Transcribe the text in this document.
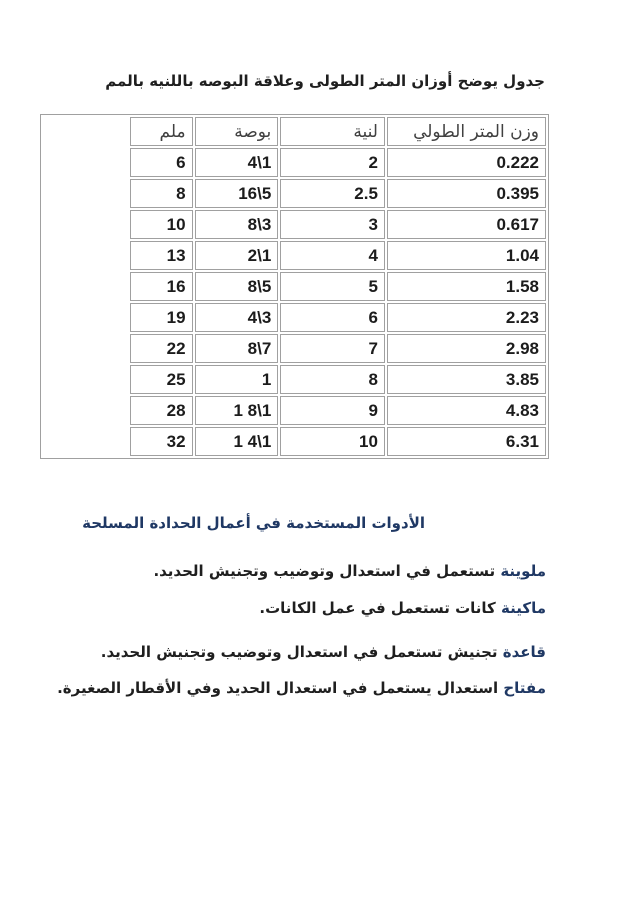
جدول يوضح أوزان المتر الطولى وعلاقة البوصه باللنيه بالمم
وزن المتر الطولي	لنية	بوصة	ملم	
0.222	2	4\1	6	
0.395	2.5	16\5	8	
0.617	3	8\3	10	
1.04	4	2\1	13	
1.58	5	8\5	16	
2.23	6	4\3	19	
2.98	7	8\7	22	
3.85	8	1	25	
4.83	9	1 8\1	28	
6.31	10	1 4\1	32	
الأدوات المستخدمة في أعمال الحدادة المسلحة
ملوينة تستعمل في استعدال وتوضيب وتجنيش الحديد.
ماكينة كانات تستعمل في عمل الكانات.
قاعدة تجنيش تستعمل في استعدال وتوضيب وتجنيش الحديد.
مفتاح استعدال يستعمل في استعدال الحديد وفي الأقطار الصغيرة.
